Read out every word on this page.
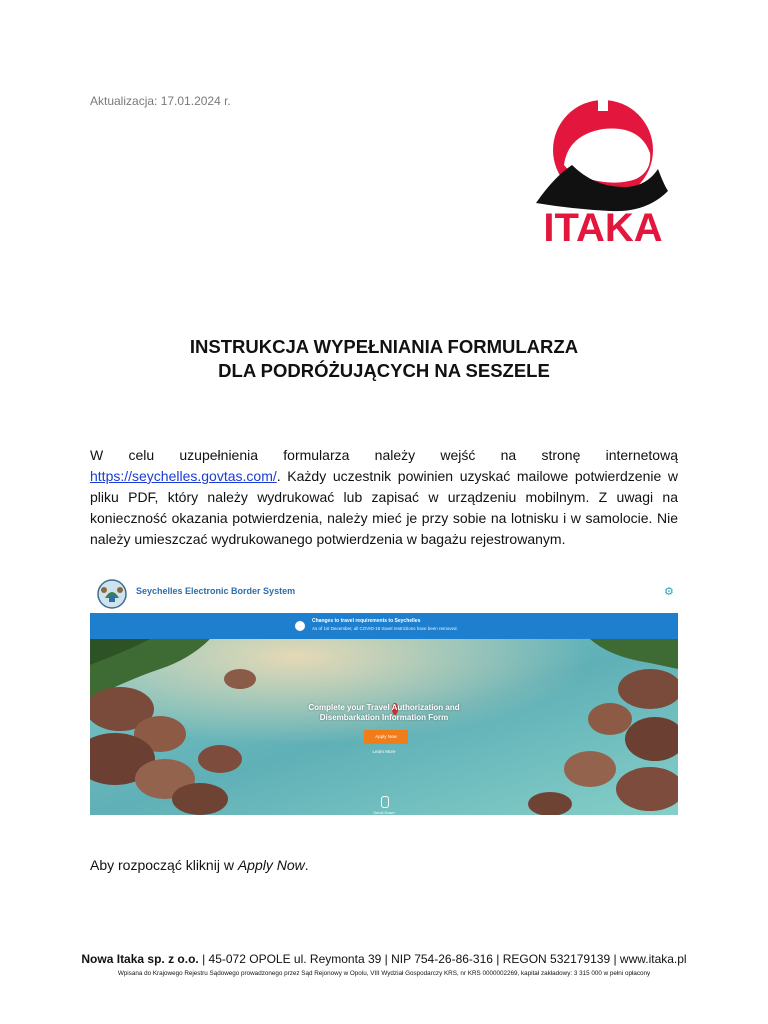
Aktualizacja: 17.01.2024 r.
ITAKA
INSTRUKCJA WYPEŁNIANIA FORMULARZA
DLA PODRÓŻUJĄCYCH NA SESZELE
W celu uzupełnienia formularza należy wejść na stronę internetową https://seychelles.govtas.com/. Każdy uczestnik powinien uzyskać mailowe potwierdzenie w pliku PDF, który należy wydrukować lub zapisać w urządzeniu mobilnym. Z uwagi na konieczność okazania potwierdzenia, należy mieć je przy sobie na lotnisku i w samolocie. Nie należy umieszczać wydrukowanego potwierdzenia w bagażu rejestrowanym.
Seychelles Electronic Border System	⚙
Changes to travel requirements to Seychelles
As of 1st December, all COVID-19 travel restrictions have been removed.
Complete your Travel Authorization and
Disembarkation Information Form
Apply Now
Learn More
Scroll Down
Aby rozpocząć kliknij w Apply Now.
Nowa Itaka sp. z o.o. | 45-072 OPOLE ul. Reymonta 39 | NIP 754-26-86-316 | REGON 532179139 | www.itaka.pl
Wpisana do Krajowego Rejestru Sądowego prowadzonego przez Sąd Rejonowy w Opolu, VIII Wydział Gospodarczy KRS, nr KRS 0000002269, kapitał zakładowy: 3 315 000 w pełni opłacony
